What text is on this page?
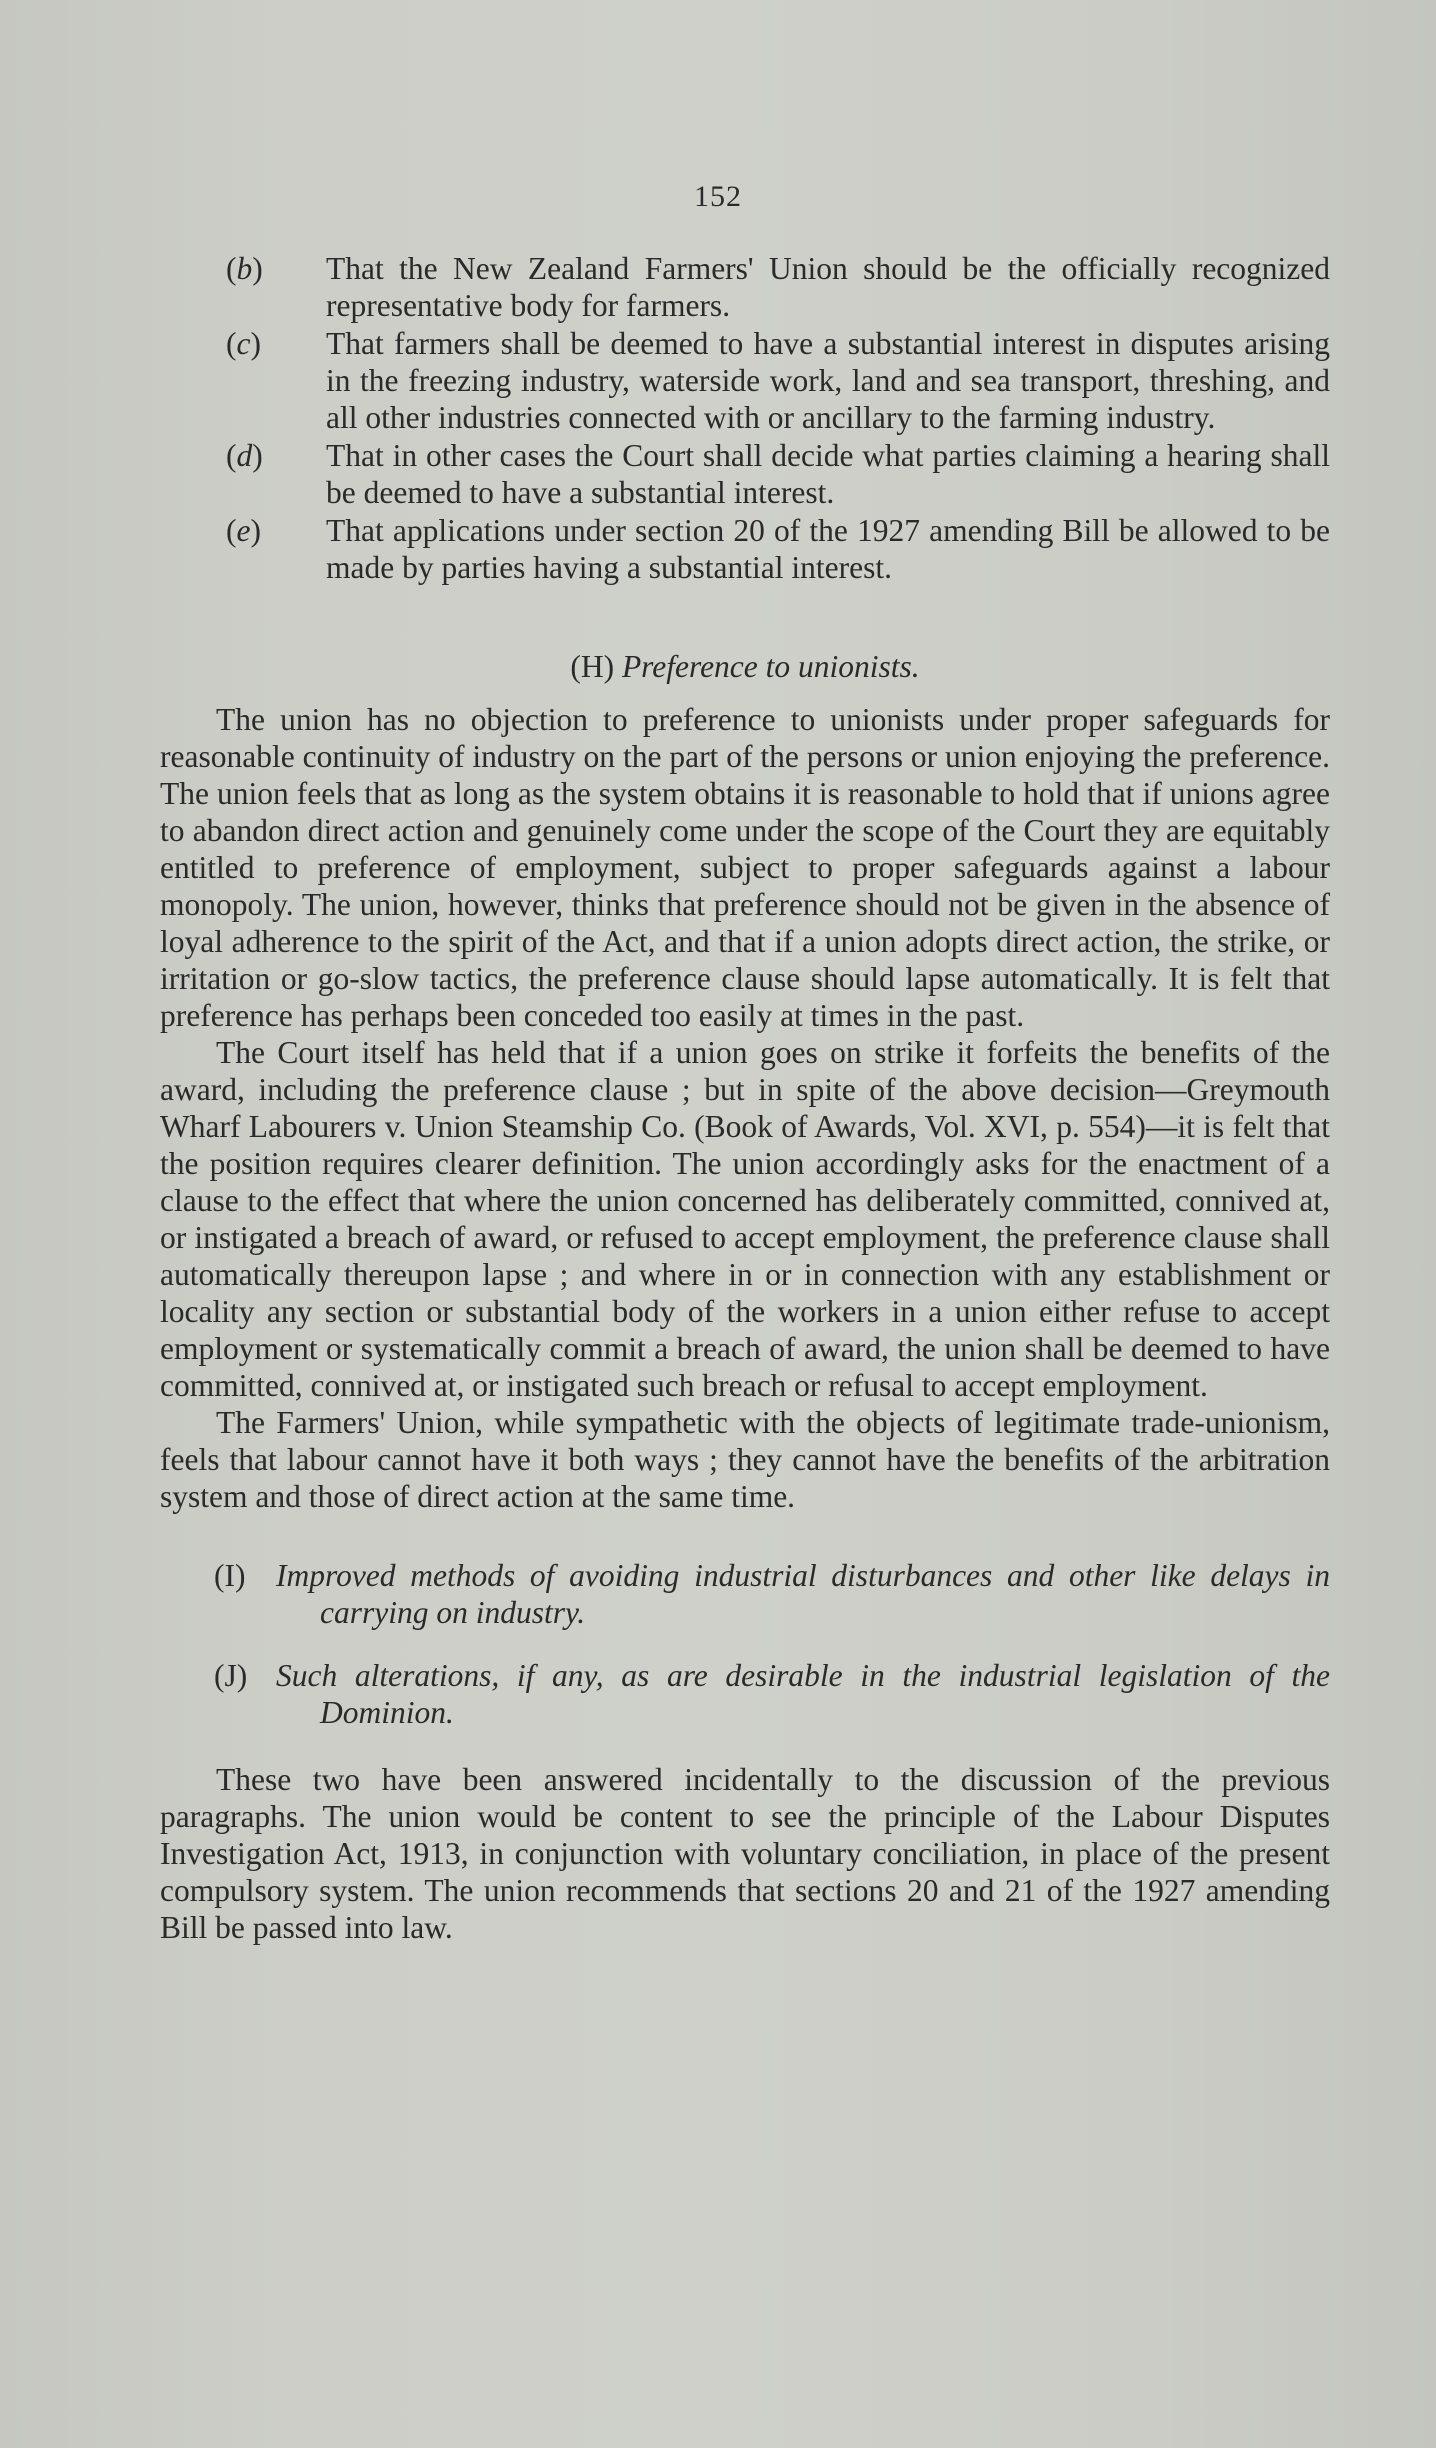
152
(b)	That the New Zealand Farmers' Union should be the officially recognized representative body for farmers.
(c)	That farmers shall be deemed to have a substantial interest in disputes arising in the freezing industry, waterside work, land and sea transport, threshing, and all other industries connected with or ancillary to the farming industry.
(d)	That in other cases the Court shall decide what parties claiming a hearing shall be deemed to have a substantial interest.
(e)	That applications under section 20 of the 1927 amending Bill be allowed to be made by parties having a substantial interest.
(H) Preference to unionists.

The union has no objection to preference to unionists under proper safeguards for reasonable continuity of industry on the part of the persons or union enjoying the preference. The union feels that as long as the system obtains it is reasonable to hold that if unions agree to abandon direct action and genuinely come under the scope of the Court they are equitably entitled to preference of employment, subject to proper safeguards against a labour monopoly. The union, however, thinks that preference should not be given in the absence of loyal adherence to the spirit of the Act, and that if a union adopts direct action, the strike, or irritation or go-slow tactics, the preference clause should lapse automatically. It is felt that preference has perhaps been conceded too easily at times in the past.

The Court itself has held that if a union goes on strike it forfeits the benefits of the award, including the preference clause ; but in spite of the above decision—Greymouth Wharf Labourers v. Union Steamship Co. (Book of Awards, Vol. XVI, p. 554)—it is felt that the position requires clearer definition. The union accordingly asks for the enactment of a clause to the effect that where the union concerned has deliberately committed, connived at, or instigated a breach of award, or refused to accept employment, the preference clause shall automatically thereupon lapse ; and where in or in connection with any establishment or locality any section or substantial body of the workers in a union either refuse to accept employment or systematically commit a breach of award, the union shall be deemed to have committed, connived at, or instigated such breach or refusal to accept employment.

The Farmers' Union, while sympathetic with the objects of legitimate trade-unionism, feels that labour cannot have it both ways ; they cannot have the benefits of the arbitration system and those of direct action at the same time.

(I) Improved methods of avoiding industrial disturbances and other like delays in carrying on industry.
(J) Such alterations, if any, as are desirable in the industrial legislation of the Dominion.

These two have been answered incidentally to the discussion of the previous paragraphs. The union would be content to see the principle of the Labour Disputes Investigation Act, 1913, in conjunction with voluntary conciliation, in place of the present compulsory system. The union recommends that sections 20 and 21 of the 1927 amending Bill be passed into law.
